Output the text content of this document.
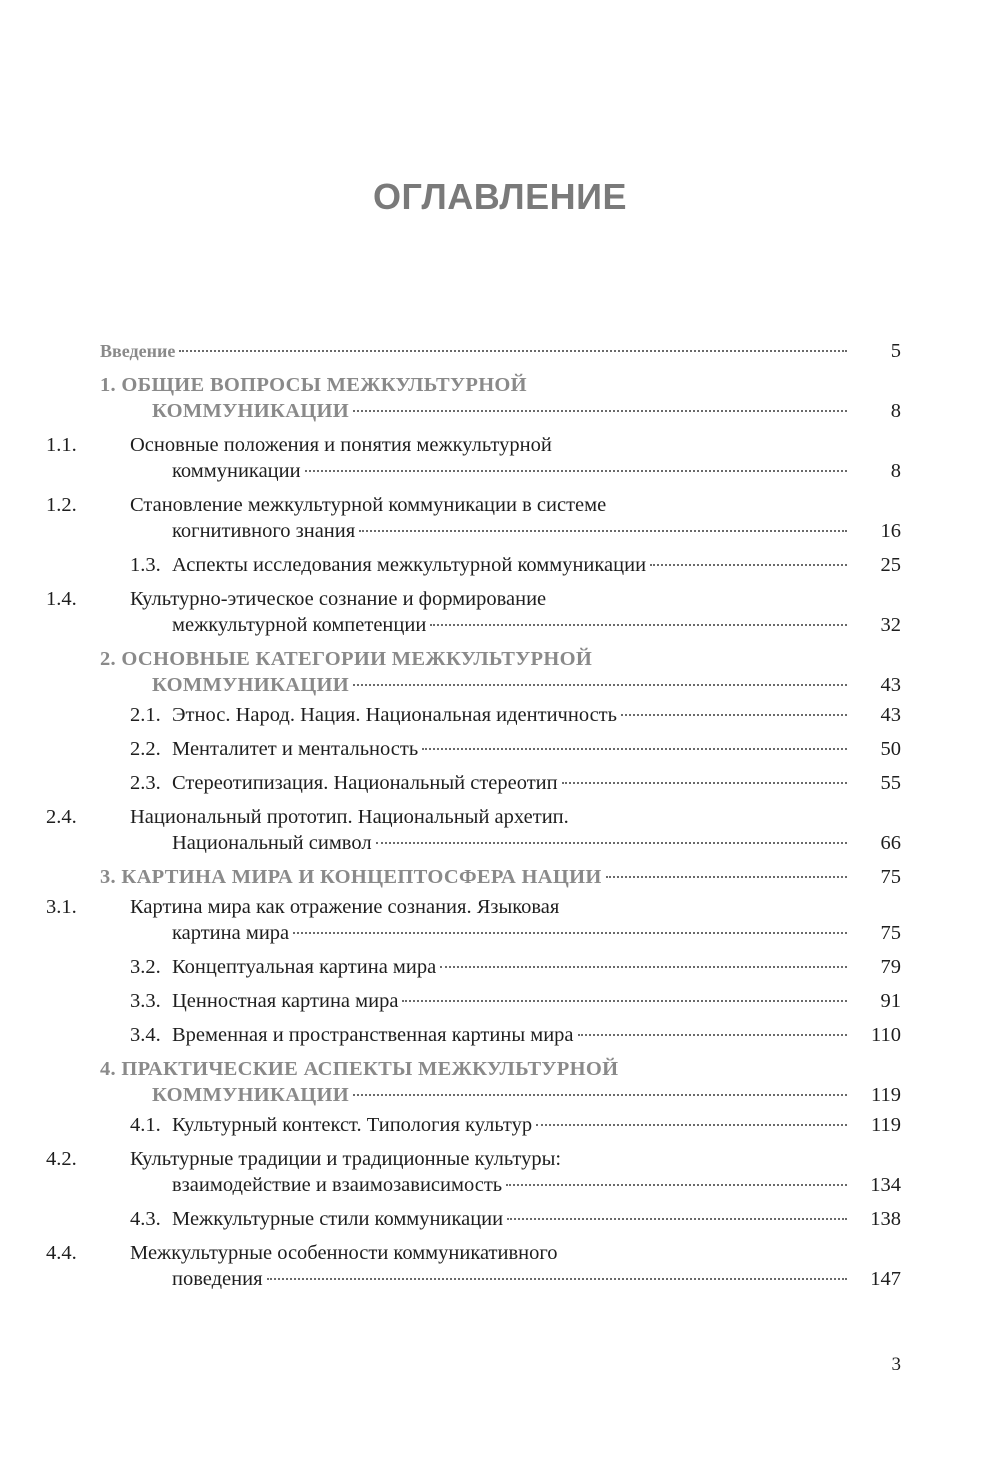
ОГЛАВЛЕНИЕ
Введение	5
1. ОБЩИЕ ВОПРОСЫ МЕЖКУЛЬТУРНОЙ
КОММУНИКАЦИИ	8
1.1.	Основные положения и понятия межкультурной
коммуникации	8
1.2.	Становление межкультурной коммуникации в системе
когнитивного знания	16
1.3. Аспекты исследования межкультурной коммуникации	25
1.4.	Культурно-этическое сознание и формирование
межкультурной компетенции	32
2. ОСНОВНЫЕ КАТЕГОРИИ МЕЖКУЛЬТУРНОЙ
КОММУНИКАЦИИ	43
2.1. Этнос. Народ. Нация. Национальная идентичность	43
2.2. Менталитет и ментальность	50
2.3. Стереотипизация. Национальный стереотип	55
2.4.	Национальный прототип. Национальный архетип.
Национальный символ	66
3. КАРТИНА МИРА И КОНЦЕПТОСФЕРА НАЦИИ	75
3.1.	Картина мира как отражение сознания. Языковая
картина мира	75
3.2. Концептуальная картина мира	79
3.3. Ценностная картина мира	91
3.4. Временная и пространственная картины мира	110
4. ПРАКТИЧЕСКИЕ АСПЕКТЫ МЕЖКУЛЬТУРНОЙ
КОММУНИКАЦИИ	119
4.1. Культурный контекст. Типология культур	119
4.2.	Культурные традиции и традиционные культуры:
взаимодействие и взаимозависимость	134
4.3. Межкультурные стили коммуникации	138
4.4.	Межкультурные особенности коммуникативного
поведения	147
3
